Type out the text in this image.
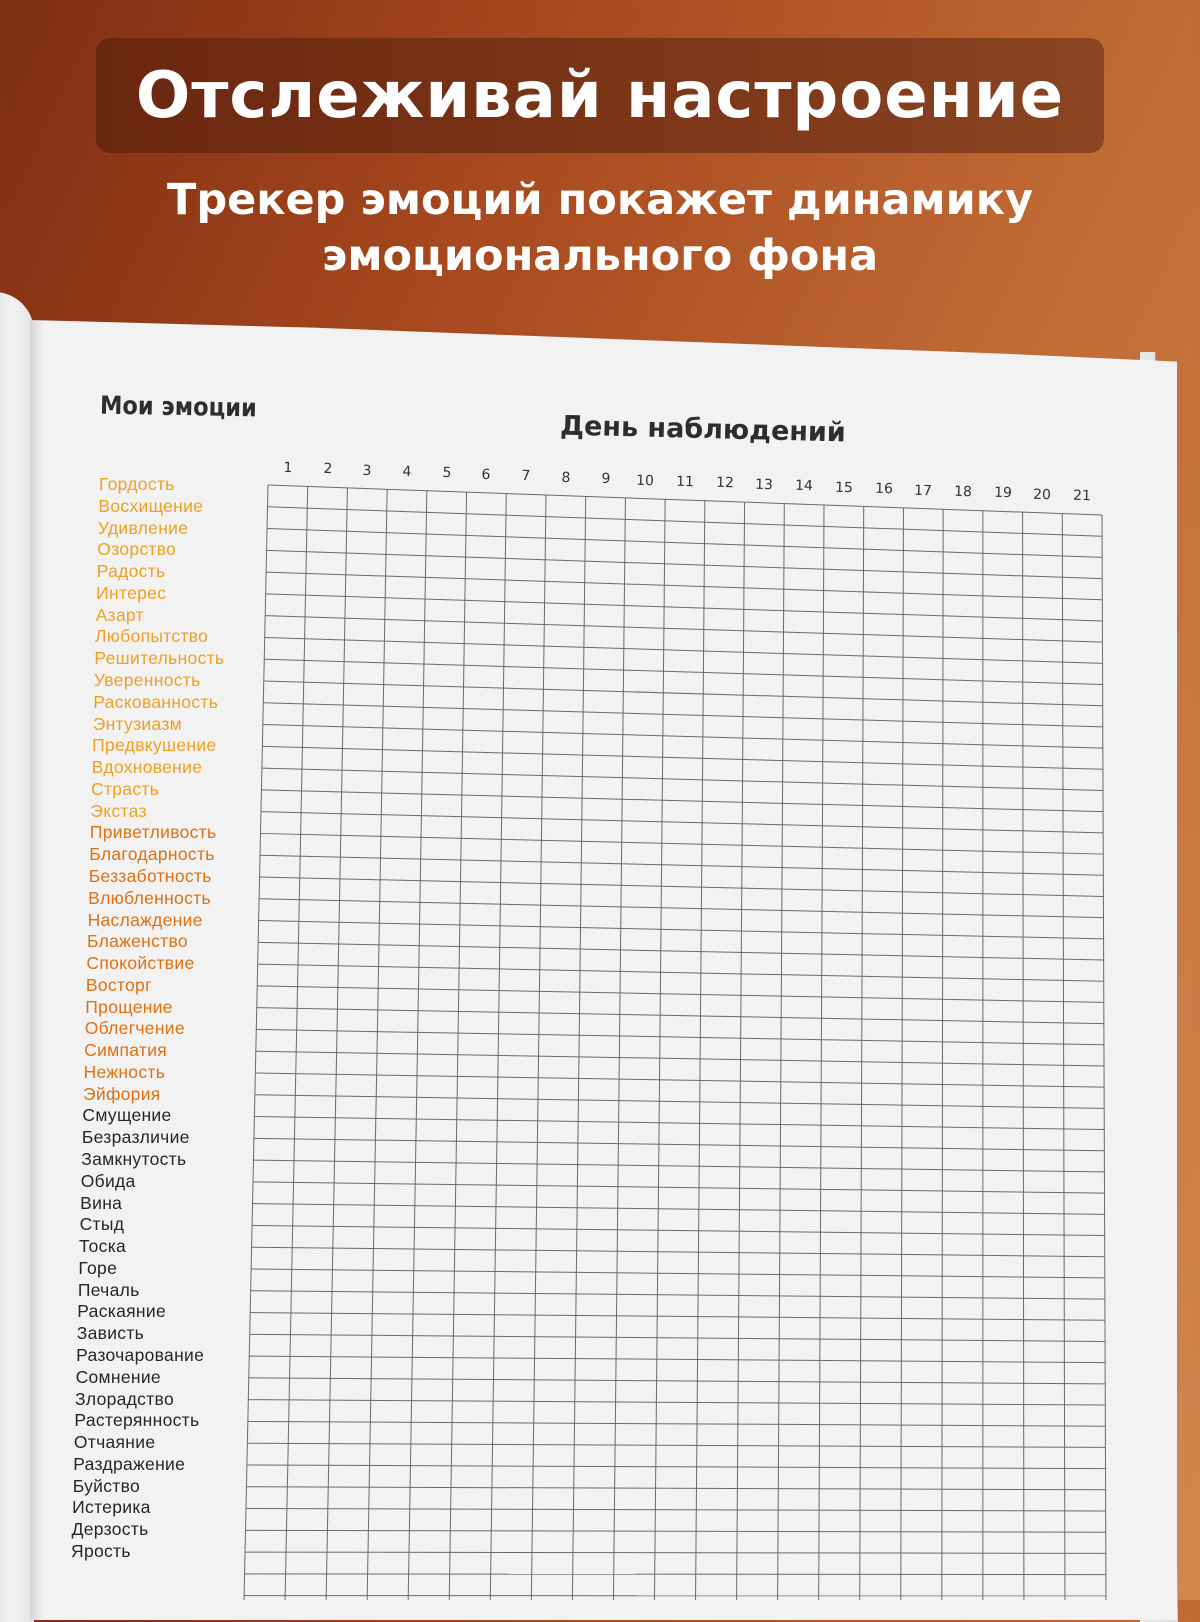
Отслеживай настроение
Трекер эмоций покажет динамику
эмоционального фона
Мои эмоции
День наблюдений
1 2 3 4 5 6 7 8 9 10 11 12 13 14 15 16 17 18 19 20 21
Гордость
Восхищение
Удивление
Озорство
Радость
Интерес
Азарт
Любопытство
Решительность
Уверенность
Раскованность
Энтузиазм
Предвкушение
Вдохновение
Страсть
Экстаз
Приветливость
Благодарность
Беззаботность
Влюбленность
Наслаждение
Блаженство
Спокойствие
Восторг
Прощение
Облегчение
Симпатия
Нежность
Эйфория
Смущение
Безразличие
Замкнутость
Обида
Вина
Стыд
Тоска
Горе
Печаль
Раскаяние
Зависть
Разочарование
Сомнение
Злорадство
Растерянность
Отчаяние
Раздражение
Буйство
Истерика
Дерзость
Ярость
